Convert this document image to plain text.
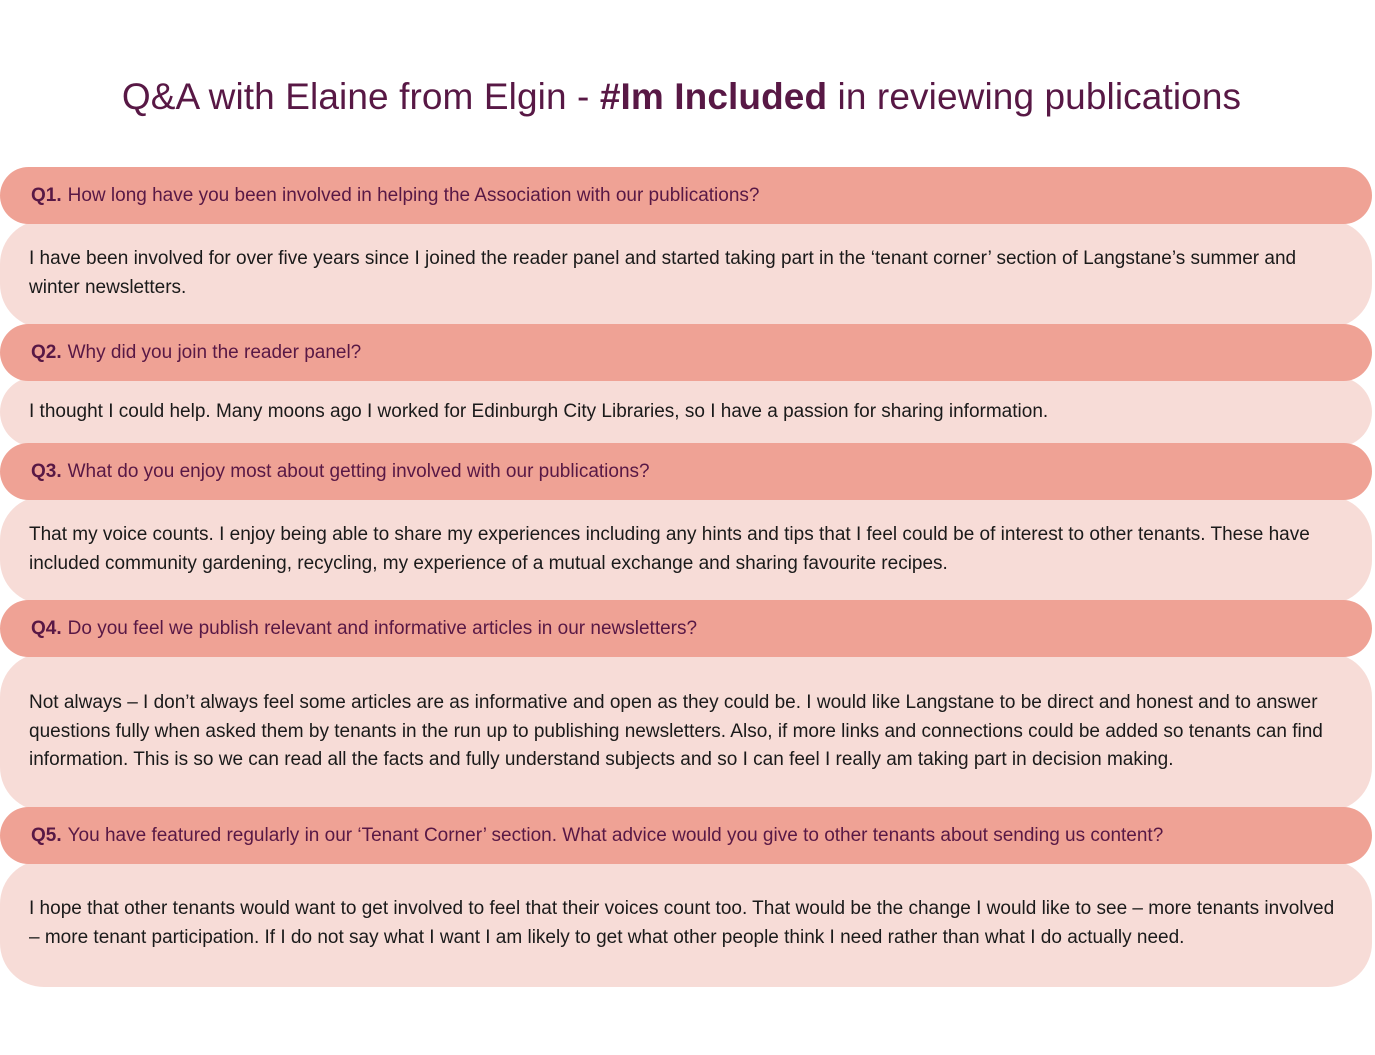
Q&A with Elaine from Elgin - #Im Included in reviewing publications
Q1. How long have you been involved in helping the Association with our publications?
I have been involved for over five years since I joined the reader panel and started taking part in the ‘tenant corner’ section of Langstane’s summer and winter newsletters.
Q2. Why did you join the reader panel?
I thought I could help. Many moons ago I worked for Edinburgh City Libraries, so I have a passion for sharing information.
Q3. What do you enjoy most about getting involved with our publications?
That my voice counts. I enjoy being able to share my experiences including any hints and tips that I feel could be of interest to other tenants. These have included community gardening, recycling, my experience of a mutual exchange and sharing favourite recipes.
Q4. Do you feel we publish relevant and informative articles in our newsletters?
Not always – I don’t always feel some articles are as informative and open as they could be. I would like Langstane to be direct and honest and to answer questions fully when asked them by tenants in the run up to publishing newsletters. Also, if more links and connections could be added so tenants can find information. This is so we can read all the facts and fully understand subjects and so I can feel I really am taking part in decision making.
Q5. You have featured regularly in our ‘Tenant Corner’ section. What advice would you give to other tenants about sending us content?
I hope that other tenants would want to get involved to feel that their voices count too. That would be the change I would like to see – more tenants involved – more tenant participation. If I do not say what I want I am likely to get what other people think I need rather than what I do actually need.
